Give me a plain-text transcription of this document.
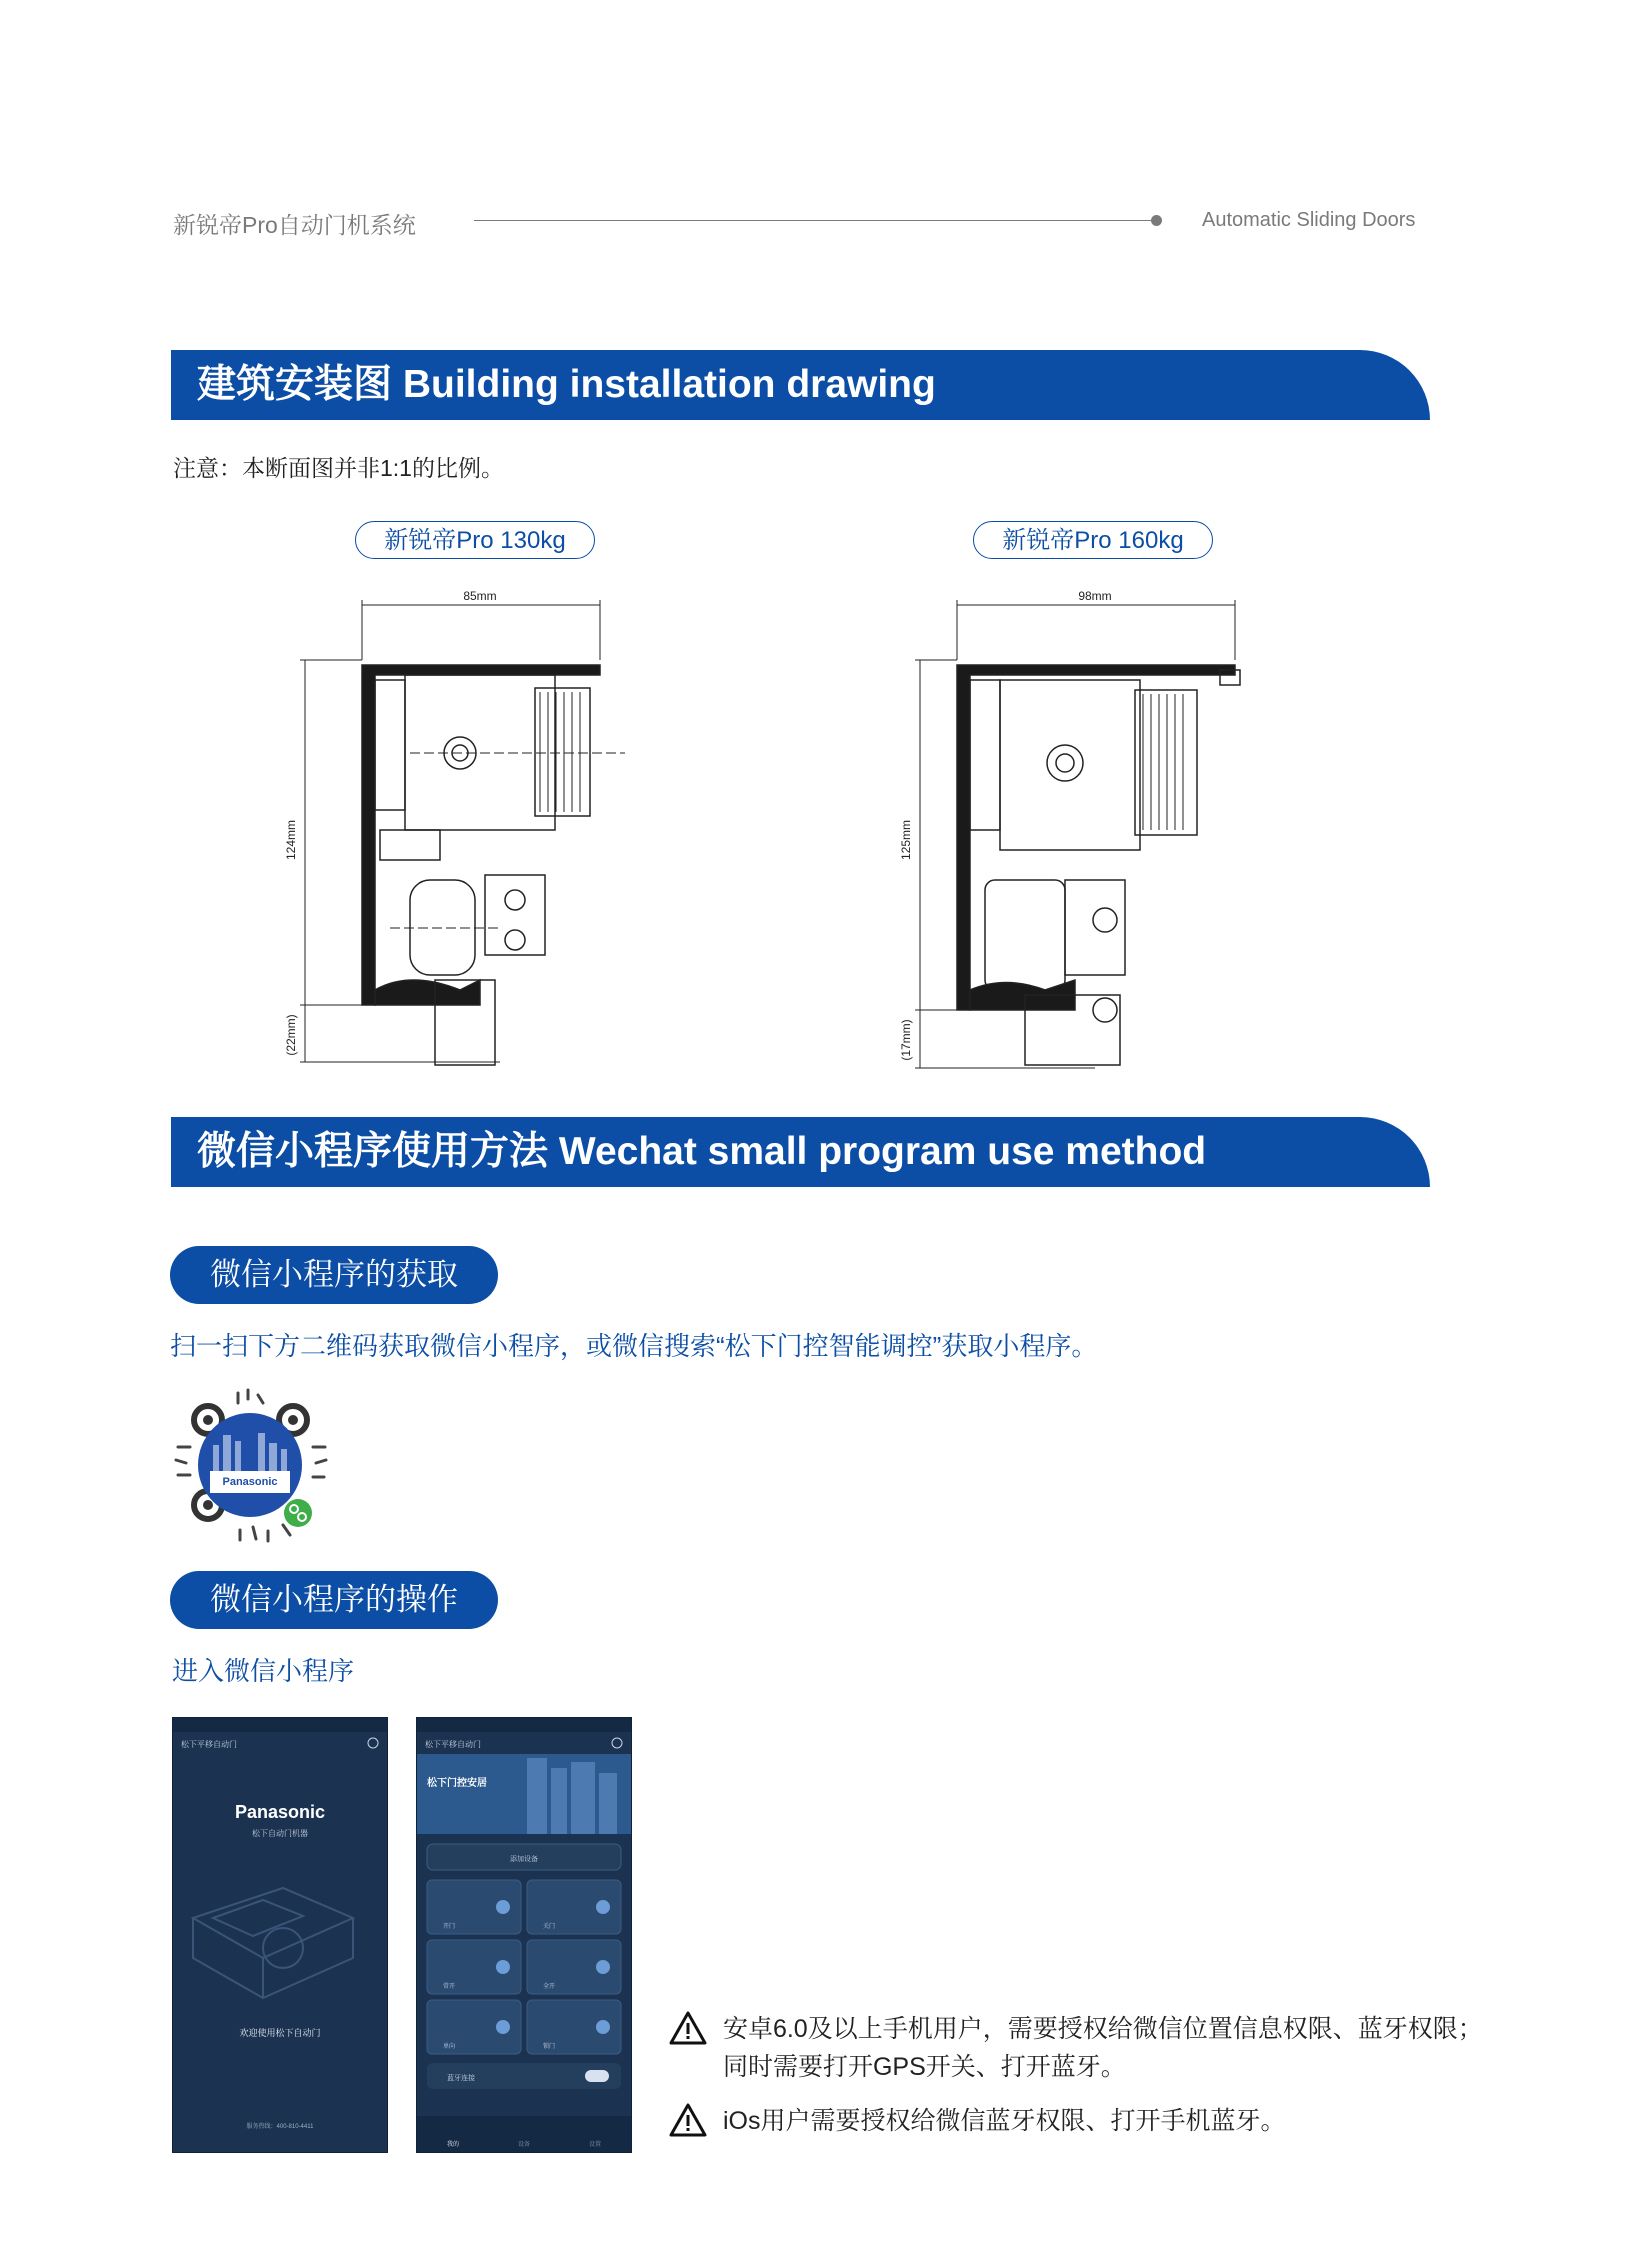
新锐帝Pro自动门机系统	Automatic Sliding Doors
建筑安装图 Building installation drawing
注意：本断面图并非1:1的比例。
新锐帝Pro 130kg	新锐帝Pro 160kg
85mm
124mm
(22mm)
98mm
125mm
(17mm)
微信小程序使用方法 Wechat small program use method
微信小程序的获取
扫一扫下方二维码获取微信小程序，或微信搜索“松下门控智能调控”获取小程序。
Panasonic
微信小程序的操作
进入微信小程序
松下平移自动门
Panasonic
松下自动门机器
欢迎使用松下自动门
服务热线：400-810-4411
松下平移自动门
松下门控安居
添加设备
开门	关门
常开	全开
单向	锁门
蓝牙连接
我的	设备	设置

安卓6.0及以上手机用户，需要授权给微信位置信息权限、蓝牙权限；
同时需要打开GPS开关、打开蓝牙。

iOs用户需要授权给微信蓝牙权限、打开手机蓝牙。
